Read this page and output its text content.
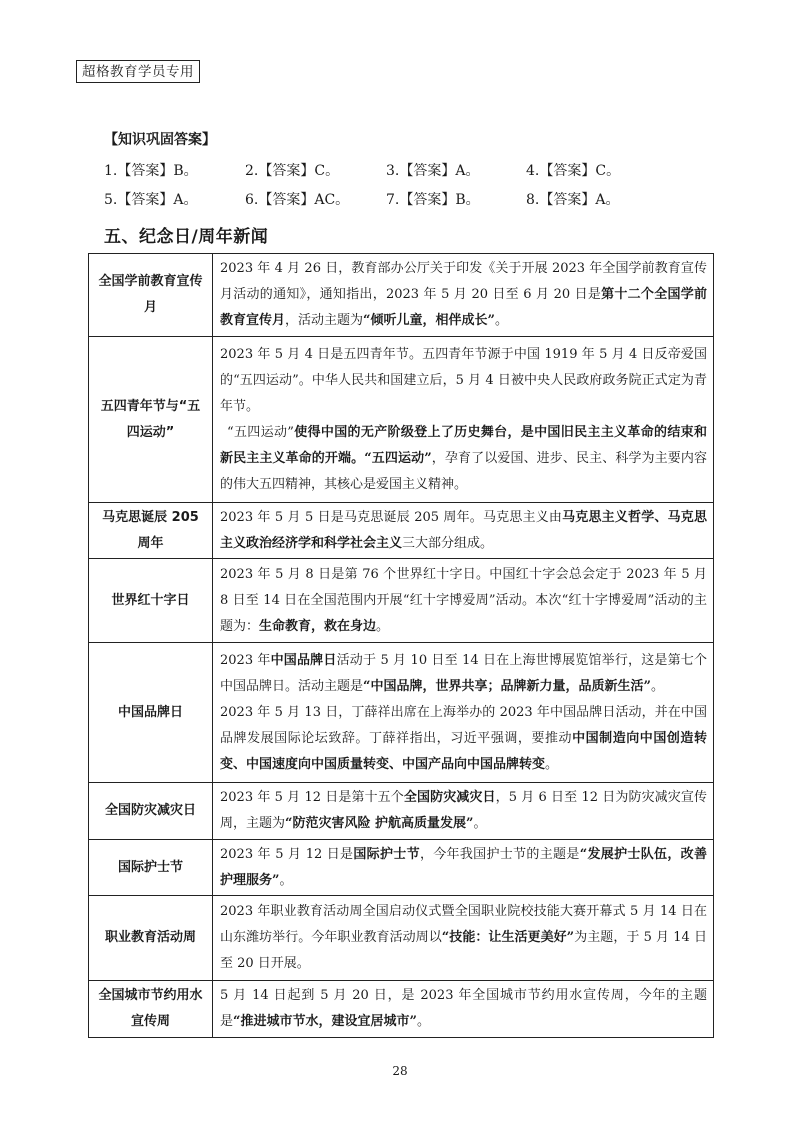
超格教育学员专用
【知识巩固答案】
1.【答案】B。	2.【答案】C。	3.【答案】A。	4.【答案】C。
5.【答案】A。	6.【答案】AC。	7.【答案】B。	8.【答案】A。
五、纪念日/周年新闻
全国学前教育宣传月	2023 年 4 月 26 日，教育部办公厅关于印发《关于开展 2023 年全国学前教育宣传月活动的通知》，通知指出，2023 年 5 月 20 日至 6 月 20 日是第十二个全国学前教育宣传月，活动主题为“倾听儿童，相伴成长”。
五四青年节与“五四运动”	2023 年 5 月 4 日是五四青年节。五四青年节源于中国 1919 年 5 月 4 日反帝爱国的“五四运动”。中华人民共和国建立后，5 月 4 日被中央人民政府政务院正式定为青年节。
“五四运动”使得中国的无产阶级登上了历史舞台，是中国旧民主主义革命的结束和新民主主义革命的开端。“五四运动”，孕育了以爱国、进步、民主、科学为主要内容的伟大五四精神，其核心是爱国主义精神。

马克思诞辰 205 周年	2023 年 5 月 5 日是马克思诞辰 205 周年。马克思主义由马克思主义哲学、马克思主义政治经济学和科学社会主义三大部分组成。
世界红十字日	2023 年 5 月 8 日是第 76 个世界红十字日。中国红十字会总会定于 2023 年 5 月 8 日至 14 日在全国范围内开展“红十字博爱周”活动。本次“红十字博爱周”活动的主题为：生命教育，救在身边。
中国品牌日	2023 年中国品牌日活动于 5 月 10 日至 14 日在上海世博展览馆举行，这是第七个中国品牌日。活动主题是“中国品牌，世界共享；品牌新力量，品质新生活”。
2023 年 5 月 13 日，丁薛祥出席在上海举办的 2023 年中国品牌日活动，并在中国品牌发展国际论坛致辞。丁薛祥指出，习近平强调，要推动中国制造向中国创造转变、中国速度向中国质量转变、中国产品向中国品牌转变。

全国防灾减灾日	2023 年 5 月 12 日是第十五个全国防灾减灾日，5 月 6 日至 12 日为防灾减灾宣传周，主题为“防范灾害风险 护航高质量发展”。
国际护士节	2023 年 5 月 12 日是国际护士节，今年我国护士节的主题是“发展护士队伍，改善护理服务”。
职业教育活动周	2023 年职业教育活动周全国启动仪式暨全国职业院校技能大赛开幕式 5 月 14 日在山东潍坊举行。今年职业教育活动周以“技能：让生活更美好”为主题，于 5 月 14 日至 20 日开展。
全国城市节约用水宣传周	5 月 14 日起到 5 月 20 日，是 2023 年全国城市节约用水宣传周，今年的主题是“推进城市节水，建设宜居城市”。
28
